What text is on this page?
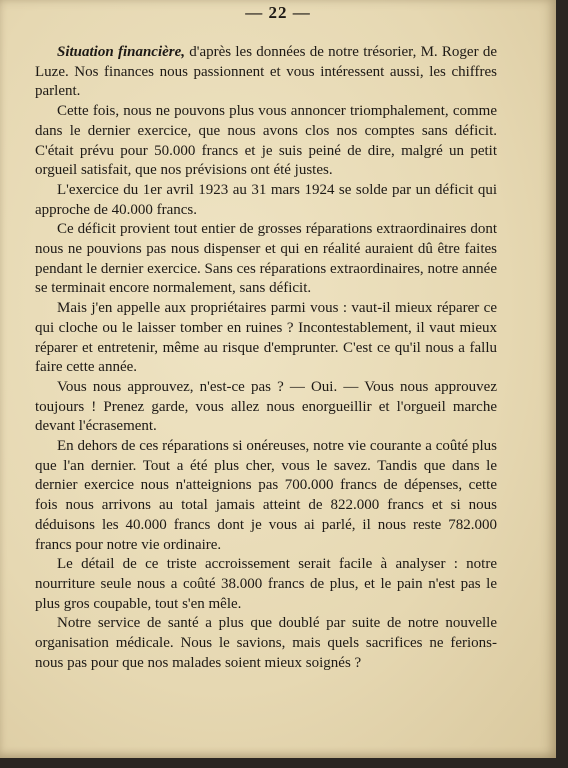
— 22 —

Situation financière, d'après les données de notre trésorier, M. Roger de Luze. Nos finances nous passionnent et vous intéressent aussi, les chiffres parlent.

Cette fois, nous ne pouvons plus vous annoncer triomphalement, comme dans le dernier exercice, que nous avons clos nos comptes sans déficit. C'était prévu pour 50.000 francs et je suis peiné de dire, malgré un petit orgueil satisfait, que nos prévisions ont été justes.

L'exercice du 1er avril 1923 au 31 mars 1924 se solde par un déficit qui approche de 40.000 francs.

Ce déficit provient tout entier de grosses réparations extraordinaires dont nous ne pouvions pas nous dispenser et qui en réalité auraient dû être faites pendant le dernier exercice. Sans ces réparations extraordinaires, notre année se terminait encore normalement, sans déficit.

Mais j'en appelle aux propriétaires parmi vous : vaut-il mieux réparer ce qui cloche ou le laisser tomber en ruines ? Incontestablement, il vaut mieux réparer et entretenir, même au risque d'emprunter. C'est ce qu'il nous a fallu faire cette année.

Vous nous approuvez, n'est-ce pas ? — Oui. — Vous nous approuvez toujours ! Prenez garde, vous allez nous enorgueillir et l'orgueil marche devant l'écrasement.

En dehors de ces réparations si onéreuses, notre vie courante a coûté plus que l'an dernier. Tout a été plus cher, vous le savez. Tandis que dans le dernier exercice nous n'atteignions pas 700.000 francs de dépenses, cette fois nous arrivons au total jamais atteint de 822.000 francs et si nous déduisons les 40.000 francs dont je vous ai parlé, il nous reste 782.000 francs pour notre vie ordinaire.

Le détail de ce triste accroissement serait facile à analyser : notre nourriture seule nous a coûté 38.000 francs de plus, et le pain n'est pas le plus gros coupable, tout s'en mêle.

Notre service de santé a plus que doublé par suite de notre nouvelle organisation médicale. Nous le savions, mais quels sacrifices ne ferions-nous pas pour que nos malades soient mieux soignés ?
